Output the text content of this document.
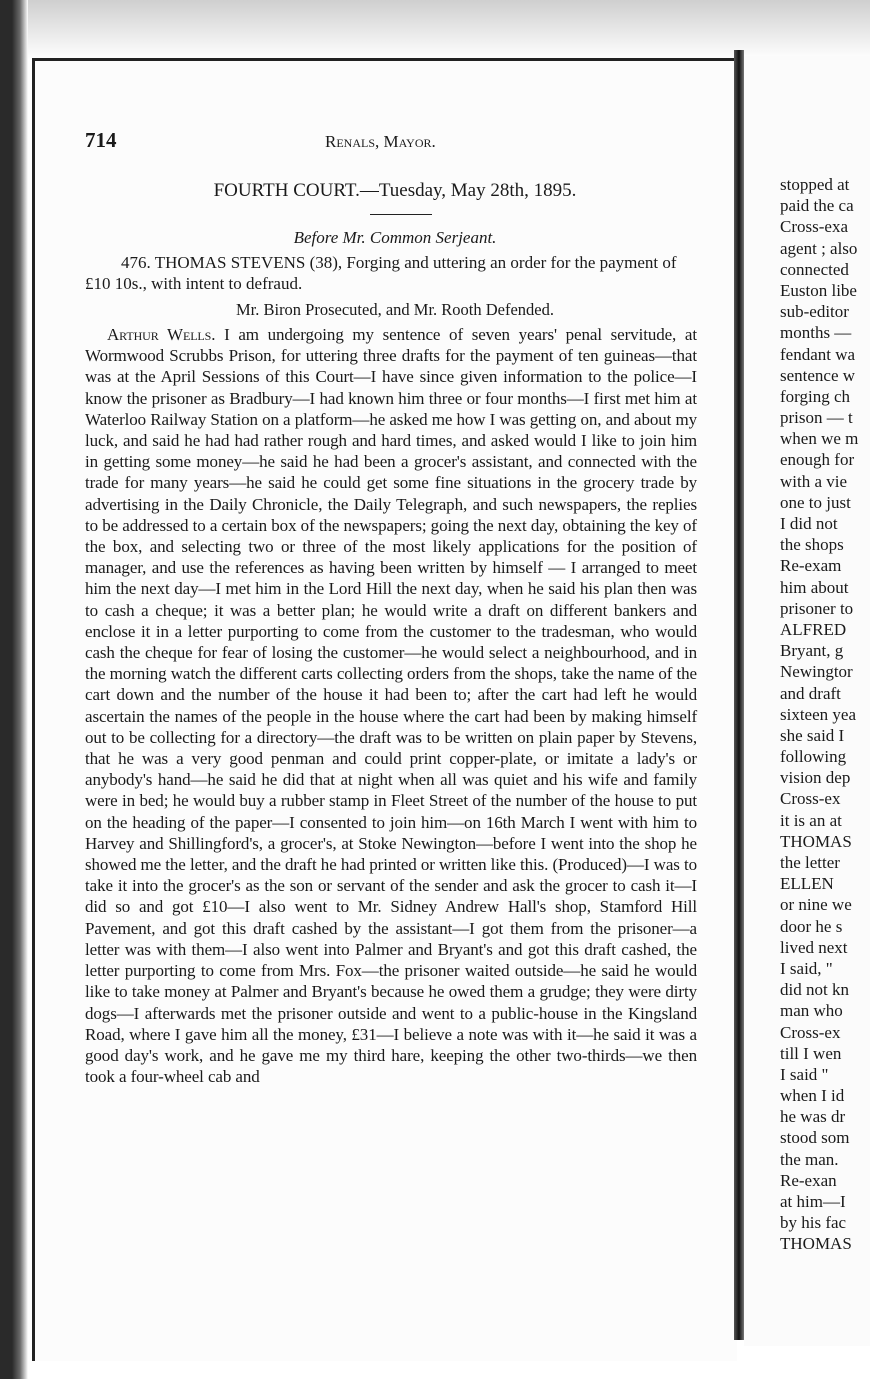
stopped at
paid the ca
Cross-exa
agent ; also
connected
Euston libe
sub-editor
months —
fendant wa
sentence w
forging ch
prison — t
when we m
enough for
with a vie
one to just
I did not
the shops
Re-exam
him about
prisoner to
ALFRED
Bryant, g
Newingtor
and draft
sixteen yea
she said I
following
vision dep
Cross-ex
it is an at
THOMAS
the letter
ELLEN
or nine we
door he s
lived next
I said, "
did not kn
man who
Cross-ex
till I wen
I said "
when I id
he was dr
stood som
the man.
Re-exan
at him—I
by his fac
THOMAS
714	Renals, Mayor.
FOURTH COURT.—Tuesday, May 28th, 1895.
Before Mr. Common Serjeant.
476. THOMAS STEVENS (38), Forging and uttering an order for the payment of £10 10s., with intent to defraud.
Mr. Biron Prosecuted, and Mr. Rooth Defended.

Arthur Wells. I am undergoing my sentence of seven years' penal servitude, at Wormwood Scrubbs Prison, for uttering three drafts for the payment of ten guineas—that was at the April Sessions of this Court—I have since given information to the police—I know the prisoner as Bradbury—I had known him three or four months—I first met him at Waterloo Railway Station on a platform—he asked me how I was getting on, and about my luck, and said he had had rather rough and hard times, and asked would I like to join him in getting some money—he said he had been a grocer's assistant, and connected with the trade for many years—he said he could get some fine situations in the grocery trade by advertising in the Daily Chronicle, the Daily Telegraph, and such newspapers, the replies to be addressed to a certain box of the newspapers; going the next day, obtaining the key of the box, and selecting two or three of the most likely applications for the position of manager, and use the references as having been written by himself — I arranged to meet him the next day—I met him in the Lord Hill the next day, when he said his plan then was to cash a cheque; it was a better plan; he would write a draft on different bankers and enclose it in a letter purporting to come from the customer to the tradesman, who would cash the cheque for fear of losing the customer—he would select a neighbourhood, and in the morning watch the different carts collecting orders from the shops, take the name of the cart down and the number of the house it had been to; after the cart had left he would ascertain the names of the people in the house where the cart had been by making himself out to be collecting for a directory—the draft was to be written on plain paper by Stevens, that he was a very good penman and could print copper-plate, or imitate a lady's or anybody's hand—he said he did that at night when all was quiet and his wife and family were in bed; he would buy a rubber stamp in Fleet Street of the number of the house to put on the heading of the paper—I consented to join him—on 16th March I went with him to Harvey and Shillingford's, a grocer's, at Stoke Newington—before I went into the shop he showed me the letter, and the draft he had printed or written like this. (Produced)—I was to take it into the grocer's as the son or servant of the sender and ask the grocer to cash it—I did so and got £10—I also went to Mr. Sidney Andrew Hall's shop, Stamford Hill Pavement, and got this draft cashed by the assistant—I got them from the prisoner—a letter was with them—I also went into Palmer and Bryant's and got this draft cashed, the letter purporting to come from Mrs. Fox—the prisoner waited outside—he said he would like to take money at Palmer and Bryant's because he owed them a grudge; they were dirty dogs—I afterwards met the prisoner outside and went to a public-house in the Kingsland Road, where I gave him all the money, £31—I believe a note was with it—he said it was a good day's work, and he gave me my third hare, keeping the other two-thirds—we then took a four-wheel cab and
